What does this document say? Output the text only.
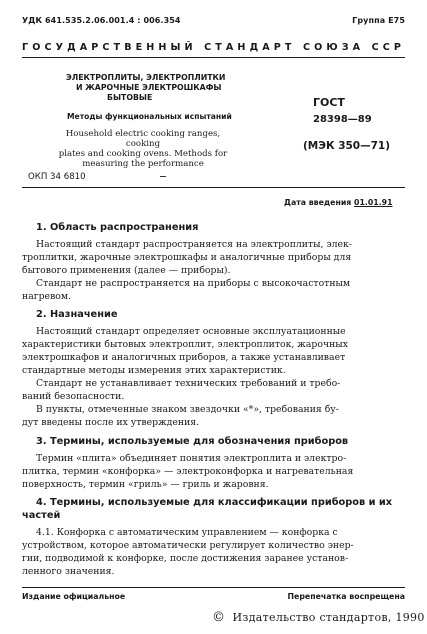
УДК 641.535.2.06.001.4 : 006.354	Группа Е75
ГОСУДАРСТВЕННЫЙ СТАНДАРТ СОЮЗА ССР
ЭЛЕКТРОПЛИТЫ, ЭЛЕКТРОПЛИТКИ
И ЖАРОЧНЫЕ ЭЛЕКТРОШКАФЫ
БЫТОВЫЕ
Методы функциональных испытаний
Household electric cooking ranges, cooking
plates and cooking ovens. Methods for
measuring the performance
ГОСТ
28398—89
(МЭК 350—71)
ОКП 34 6810
Дата введения 01.01.91
1. Область распространения
Настоящий стандарт распространяется на электроплиты, элек-
троплитки, жарочные электрошкафы и аналогичные приборы для
бытового применения (далее — приборы).
Стандарт не распространяется на приборы с высокочастотным
нагревом.
2. Назначение
Настоящий стандарт определяет основные эксплуатационные
характеристики бытовых электроплит, электроплиток, жарочных
электрошкафов и аналогичных приборов, а также устанавливает
стандартные методы измерения этих характеристик.
Стандарт не устанавливает технических требований и требо-
ваний безопасности.
В пункты, отмеченные знаком звездочки «*», требования бу-
дут введены после их утверждения.
3. Термины, используемые для обозначения приборов
Термин «плита» объединяет понятия электроплита и электро-
плитка, термин «конфорка» — электроконфорка и нагревательная
поверхность, термин «гриль» — гриль и жаровня.
4. Термины, используемые для классификации приборов и их
частей
4.1. Конфорка с автоматическим управлением — конфорка с
устройством, которое автоматически регулирует количество энер-
гии, подводимой к конфорке, после достижения заранее установ-
ленного значения.
Издание официальное	Перепечатка воспрещена
© Издательство стандартов, 1990
